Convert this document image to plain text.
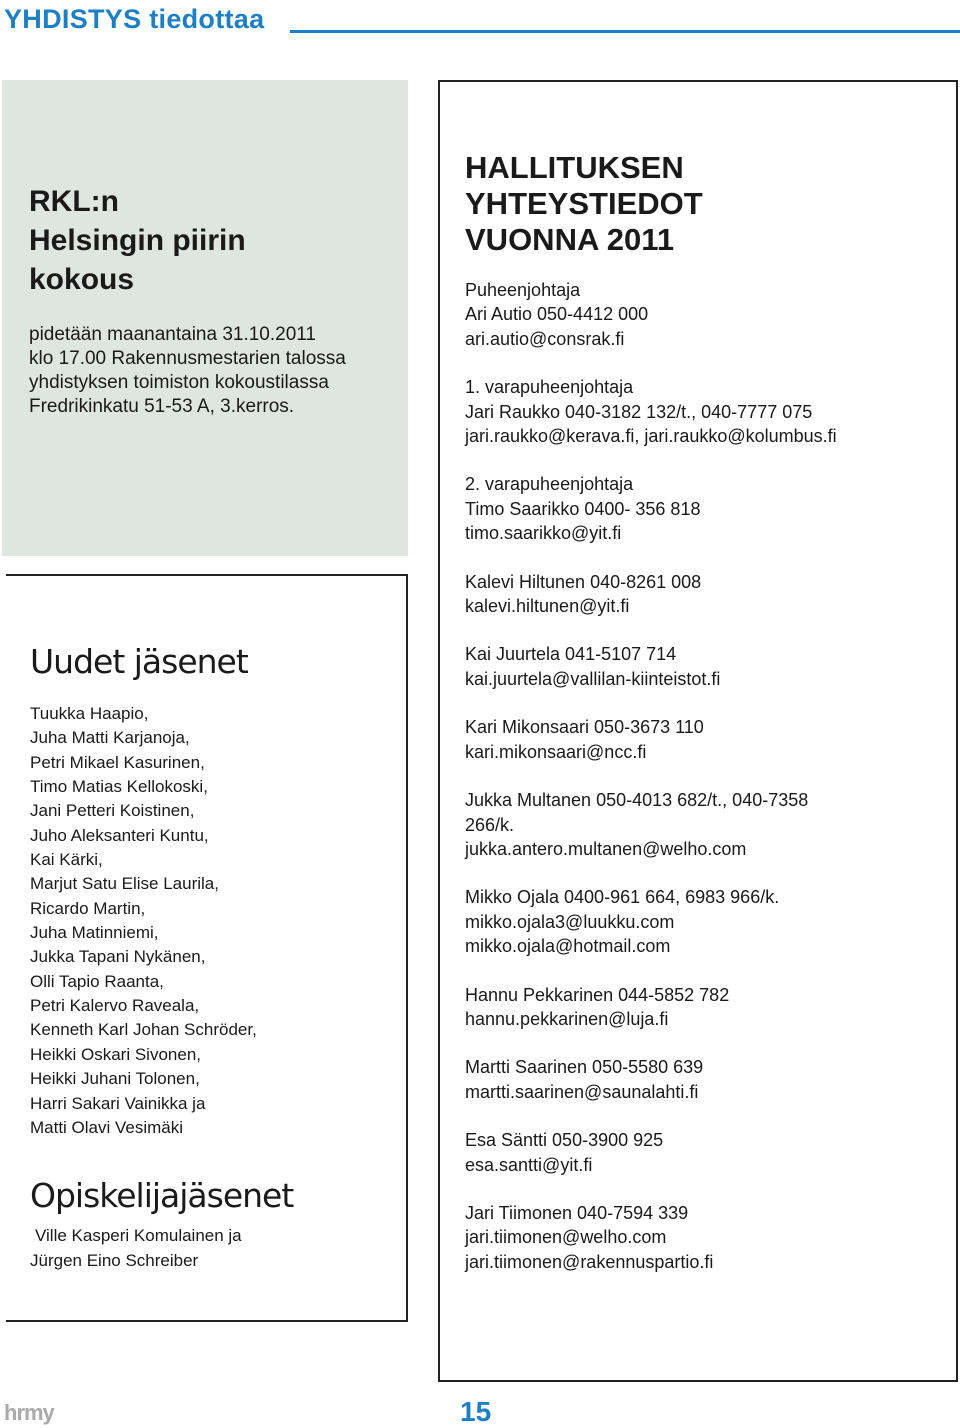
YHDISTYS tiedottaa
RKL:n
Helsingin piirin
kokous
pidetään maanantaina 31.10.2011
klo 17.00 Rakennusmestarien talossa
yhdistyksen toimiston kokoustilassa
Fredrikinkatu 51-53 A, 3.kerros.
Uudet jäsenet
Tuukka Haapio,
Juha Matti Karjanoja,
Petri Mikael Kasurinen,
Timo Matias Kellokoski,
Jani Petteri Koistinen,
Juho Aleksanteri Kuntu,
Kai Kärki,
Marjut Satu Elise Laurila,
Ricardo Martin,
Juha Matinniemi,
Jukka Tapani Nykänen,
Olli Tapio Raanta,
Petri Kalervo Raveala,
Kenneth Karl Johan Schröder,
Heikki Oskari Sivonen,
Heikki Juhani Tolonen,
Harri Sakari Vainikka ja
Matti Olavi Vesimäki
Opiskelijajäsenet
Ville Kasperi Komulainen ja
Jürgen Eino Schreiber
HALLITUKSEN
YHTEYSTIEDOT
VUONNA 2011
Puheenjohtaja
Ari Autio 050-4412 000
ari.autio@consrak.fi
1. varapuheenjohtaja
Jari Raukko 040-3182 132/t., 040-7777 075
jari.raukko@kerava.fi, jari.raukko@kolumbus.fi
2. varapuheenjohtaja
Timo Saarikko 0400- 356 818
timo.saarikko@yit.fi
Kalevi Hiltunen 040-8261 008
kalevi.hiltunen@yit.fi
Kai Juurtela 041-5107 714
kai.juurtela@vallilan-kiinteistot.fi
Kari Mikonsaari 050-3673 110
kari.mikonsaari@ncc.fi
Jukka Multanen 050-4013 682/t., 040-7358
266/k.
jukka.antero.multanen@welho.com
Mikko Ojala 0400-961 664, 6983 966/k.
mikko.ojala3@luukku.com
mikko.ojala@hotmail.com
Hannu Pekkarinen 044-5852 782
hannu.pekkarinen@luja.fi
Martti Saarinen 050-5580 639
martti.saarinen@saunalahti.fi
Esa Säntti 050-3900 925
esa.santti@yit.fi
Jari Tiimonen 040-7594 339
jari.tiimonen@welho.com
jari.tiimonen@rakennuspartio.fi
hrmy	15
